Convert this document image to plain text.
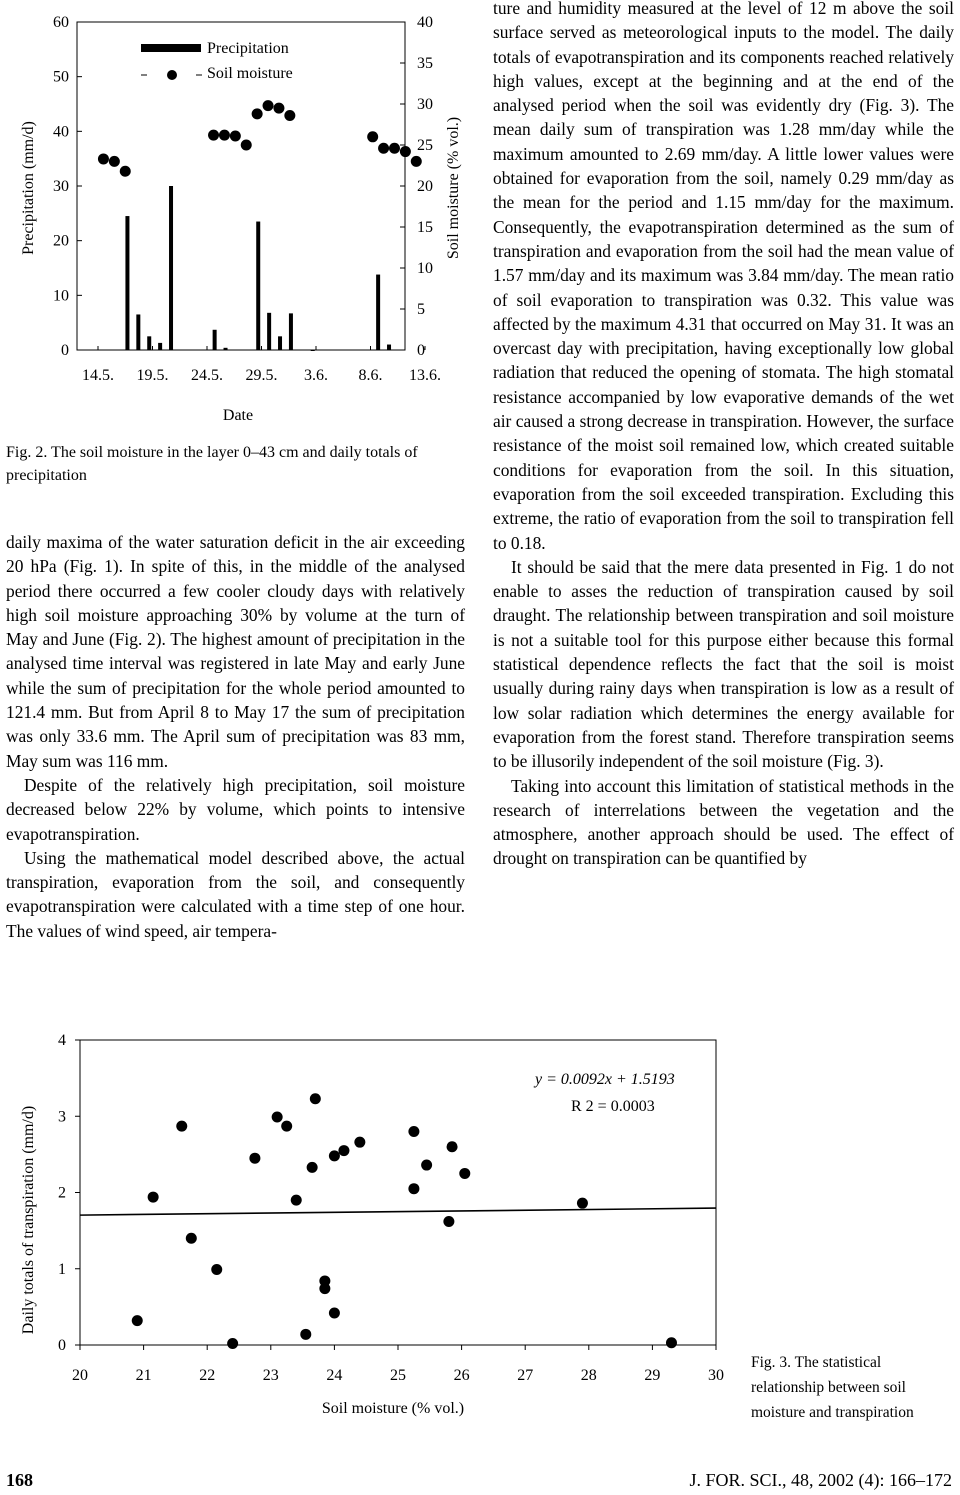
0
10
20
30
40
50
60
0
5
10
15
20
25
30
35
40
14.5. 19.5. 24.5. 29.5. 3.6. 8.6. 13.6.
Precipitation (mm/d)	Soil moisture (% vol.)
Date
Precipitation
Soil moisture
Fig. 2. The soil moisture in the layer 0–43 cm and daily totals of precipitation

daily maxima of the water saturation deficit in the air exceeding 20 hPa (Fig. 1). In spite of this, in the middle of the analysed period there occurred a few cooler cloudy days with relatively high soil moisture approaching 30% by volume at the turn of May and June (Fig. 2). The highest amount of precipitation in the analysed time interval was registered in late May and early June while the sum of precipitation for the whole period amounted to 121.4 mm. But from April 8 to May 17 the sum of precipitation was only 33.6 mm. The April sum of precipitation was 83 mm, May sum was 116 mm.

Despite of the relatively high precipitation, soil moisture decreased below 22% by volume, which points to intensive evapotranspiration.

Using the mathematical model described above, the actual transpiration, evaporation from the soil, and consequently evapotranspiration were calculated with a time step of one hour. The values of wind speed, air tempera-

ture and humidity measured at the level of 12 m above the soil surface served as meteorological inputs to the model. The daily totals of evapotranspiration and its components reached relatively high values, except at the beginning and at the end of the analysed period when the soil was evidently dry (Fig. 3). The mean daily sum of transpiration was 1.28 mm/day while the maximum amounted to 2.69 mm/day. A little lower values were obtained for evaporation from the soil, namely 0.29 mm/day as the mean for the period and 1.15 mm/day for the maximum. Consequently, the evapotranspiration determined as the sum of transpiration and evaporation from the soil had the mean value of 1.57 mm/day and its maximum was 3.84 mm/day. The mean ratio of soil evaporation to transpiration was 0.32. This value was affected by the maximum 4.31 that occurred on May 31. It was an overcast day with precipitation, having exceptionally low global radiation that reduced the opening of stomata. The high stomatal resistance accompanied by low evaporative demands of the wet air caused a strong decrease in transpiration. However, the surface resistance of the moist soil remained low, which created suitable conditions for evaporation from the soil. In this situation, evaporation from the soil exceeded transpiration. Excluding this extreme, the ratio of evaporation from the soil to transpiration fell to 0.18.

It should be said that the mere data presented in Fig. 1 do not enable to asses the reduction of transpiration caused by soil draught. The relationship between transpiration and soil moisture is not a suitable tool for this purpose either because this formal statistical dependence reflects the fact that the soil is moist usually during rainy days when transpiration is low as a result of low solar radiation which determines the energy available for evaporation from the forest stand. Therefore transpiration seems to be illusorily independent of the soil moisture (Fig. 3).

Taking into account this limitation of statistical methods in the research of interrelations between the vegetation and the atmosphere, another approach should be used. The effect of drought on transpiration can be quantified by

0
1
2
3
4
20	21	22	23	24	25	26	27	28	29	30
Daily totals of transpiration (mm/d)
Soil moisture (% vol.)
y = 0.0092x + 1.5193
R 2 = 0.0003
Fig. 3. The statistical relationship between soil moisture and transpiration
168	J. FOR. SCI., 48, 2002 (4): 166–172
